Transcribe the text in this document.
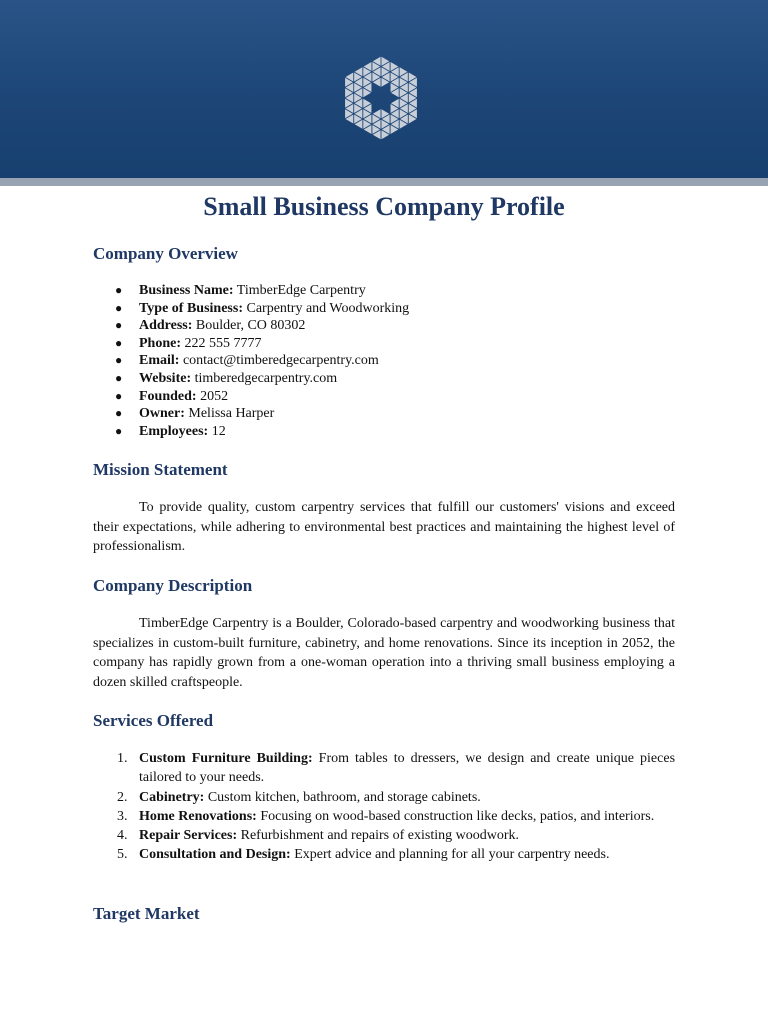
Small Business Company Profile
Company Overview
● Business Name: TimberEdge Carpentry
● Type of Business: Carpentry and Woodworking
● Address: Boulder, CO 80302
● Phone: 222 555 7777
● Email: contact@timberedgecarpentry.com
● Website: timberedgecarpentry.com
● Founded: 2052
● Owner: Melissa Harper
● Employees: 12
Mission Statement

To provide quality, custom carpentry services that fulfill our customers' visions and exceed their expectations, while adhering to environmental best practices and maintaining the highest level of professionalism.

Company Description

TimberEdge Carpentry is a Boulder, Colorado-based carpentry and woodworking business that specializes in custom-built furniture, cabinetry, and home renovations. Since its inception in 2052, the company has rapidly grown from a one-woman operation into a thriving small business employing a dozen skilled craftspeople.

Services Offered
1. Custom Furniture Building: From tables to dressers, we design and create unique pieces tailored to your needs.
2. Cabinetry: Custom kitchen, bathroom, and storage cabinets.
3. Home Renovations: Focusing on wood-based construction like decks, patios, and interiors.
4. Repair Services: Refurbishment and repairs of existing woodwork.
5. Consultation and Design: Expert advice and planning for all your carpentry needs.
Target Market
